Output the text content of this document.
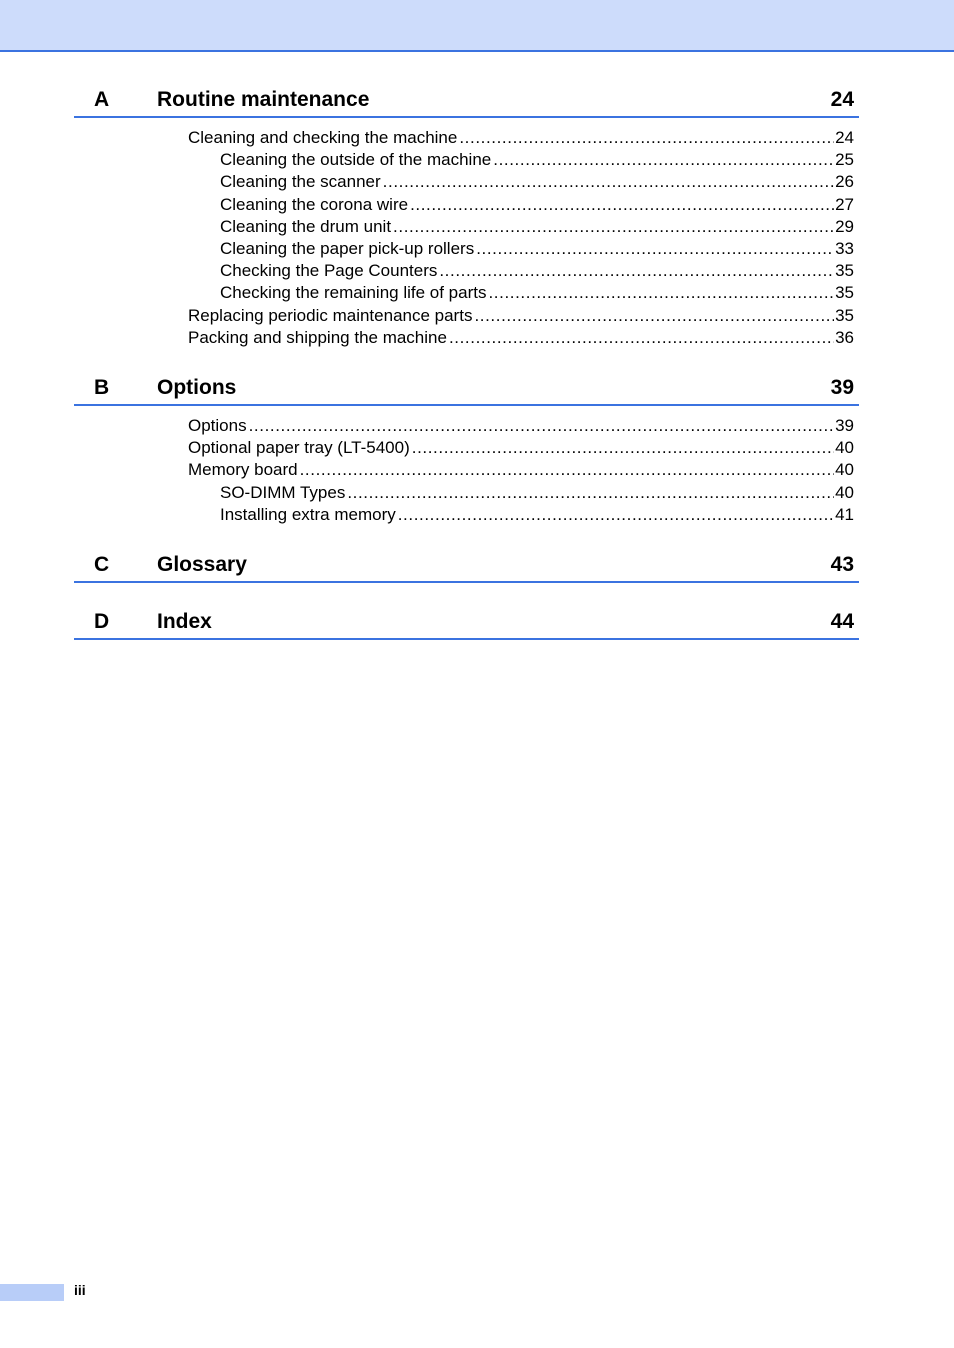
A Routine maintenance	24
Cleaning and checking the machine .....	24
Cleaning the outside of the machine .....	25
Cleaning the scanner .....	26
Cleaning the corona wire .....	27
Cleaning the drum unit .....	29
Cleaning the paper pick-up rollers .....	33
Checking the Page Counters .....	35
Checking the remaining life of parts .....	35
Replacing periodic maintenance parts .....	35
Packing and shipping the machine .....	36
B Options	39
Options .....	39
Optional paper tray (LT-5400) .....	40
Memory board .....	40
SO-DIMM Types .....	40
Installing extra memory .....	41
C Glossary	43
D Index	44
iii
